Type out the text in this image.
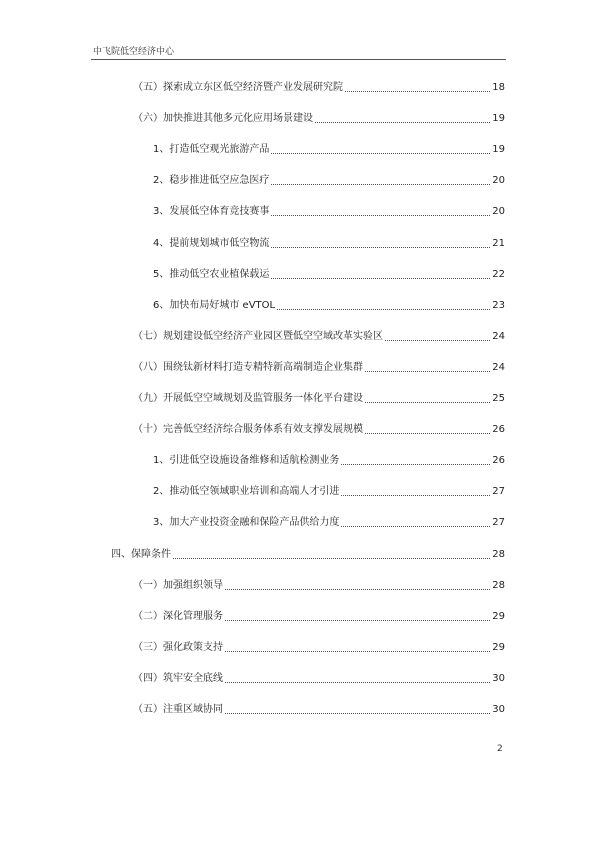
中飞院低空经济中心
（五）探索成立东区低空经济暨产业发展研究院	18
（六）加快推进其他多元化应用场景建设	19
1、打造低空观光旅游产品	19
2、稳步推进低空应急医疗	20
3、发展低空体育竞技赛事	20
4、提前规划城市低空物流	21
5、推动低空农业植保载运	22
6、加快布局好城市 eVTOL	23
（七）规划建设低空经济产业园区暨低空空域改革实验区	24
（八）围绕钛新材料打造专精特新高端制造企业集群	24
（九）开展低空空域规划及监管服务一体化平台建设	25
（十）完善低空经济综合服务体系有效支撑发展规模	26
1、引进低空设施设备维修和适航检测业务	26
2、推动低空领域职业培训和高端人才引进	27
3、加大产业投资金融和保险产品供给力度	27
四、保障条件	28
（一）加强组织领导	28
（二）深化管理服务	29
（三）强化政策支持	29
（四）筑牢安全底线	30
（五）注重区域协同	30
2
